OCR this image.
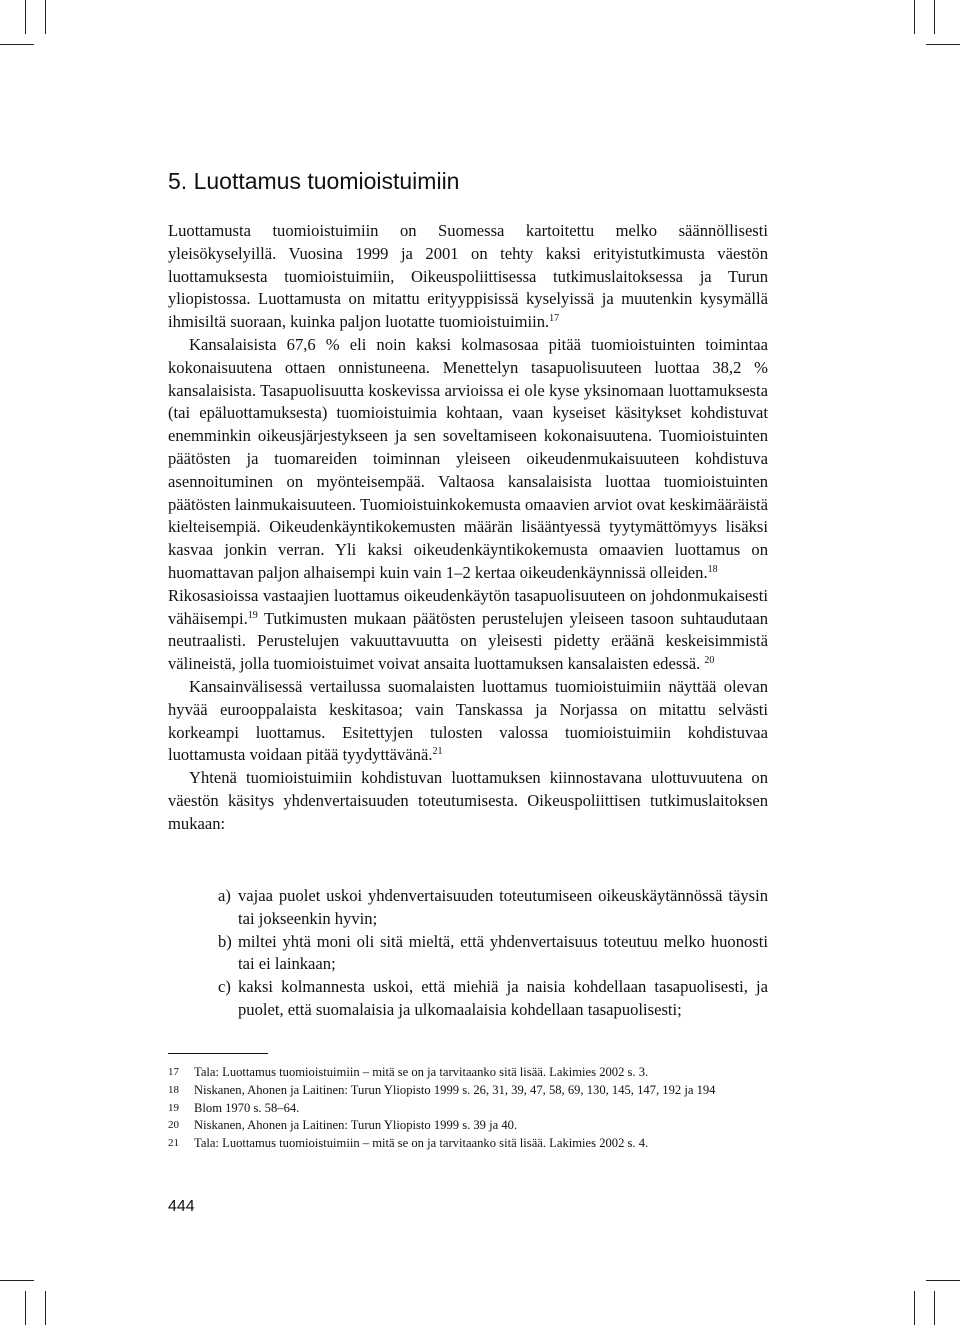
5. Luottamus tuomioistuimiin

Luottamusta tuomioistuimiin on Suomessa kartoitettu melko säännöllisesti yleisökyselyillä. Vuosina 1999 ja 2001 on tehty kaksi erityistutkimusta väestön luottamuksesta tuomioistuimiin, Oikeuspoliittisessa tutkimuslaitoksessa ja Turun yliopistossa. Luottamusta on mitattu erityyppisissä kyselyissä ja muutenkin kysymällä ihmisiltä suoraan, kuinka paljon luotatte tuomioistuimiin.$^{17}$

Kansalaisista 67,6 % eli noin kaksi kolmasosaa pitää tuomioistuinten toimintaa kokonaisuutena ottaen onnistuneena. Menettelyn tasapuolisuuteen luottaa 38,2 % kansalaisista. Tasapuolisuutta koskevissa arvioissa ei ole kyse yksinomaan luottamuksesta (tai epäluottamuksesta) tuomioistuimia kohtaan, vaan kyseiset käsitykset kohdistuvat enemminkin oikeusjärjestykseen ja sen soveltamiseen kokonaisuutena. Tuomioistuinten päätösten ja tuomareiden toiminnan yleiseen oikeudenmukaisuuteen kohdistuva asennoituminen on myönteisempää. Valtaosa kansalaisista luottaa tuomioistuinten päätösten lainmukaisuuteen. Tuomioistuinkokemusta omaavien arviot ovat keskimääräistä kielteisempiä. Oikeudenkäyntikokemusten määrän lisääntyessä tyytymättömyys lisäksi kasvaa jonkin verran. Yli kaksi oikeudenkäyntikokemusta omaavien luottamus on huomattavan paljon alhaisempi kuin vain 1–2 kertaa oikeudenkäynnissä olleiden.$^{18}$
Rikosasioissa vastaajien luottamus oikeudenkäytön tasapuolisuuteen on johdonmukaisesti vähäisempi.$^{19}$ Tutkimusten mukaan päätösten perustelujen yleiseen tasoon suhtaudutaan neutraalisti. Perustelujen vakuuttavuutta on yleisesti pidetty eräänä keskeisimmistä välineistä, jolla tuomioistuimet voivat ansaita luottamuksen kansalaisten edessä. $^{20}$

Kansainvälisessä vertailussa suomalaisten luottamus tuomioistuimiin näyttää olevan hyvää eurooppalaista keskitasoa; vain Tanskassa ja Norjassa on mitattu selvästi korkeampi luottamus. Esitettyjen tulosten valossa tuomioistuimiin kohdistuvaa luottamusta voidaan pitää tyydyttävänä.$^{21}$

Yhtenä tuomioistuimiin kohdistuvan luottamuksen kiinnostavana ulottuvuutena on väestön käsitys yhdenvertaisuuden toteutumisesta. Oikeuspoliittisen tutkimuslaitoksen mukaan:

a) vajaa puolet uskoi yhdenvertaisuuden toteutumiseen oikeuskäytännössä täysin tai jokseenkin hyvin;
b) miltei yhtä moni oli sitä mieltä, että yhdenvertaisuus toteutuu melko huonosti tai ei lainkaan;
c) kaksi kolmannesta uskoi, että miehiä ja naisia kohdellaan tasapuolisesti, ja puolet, että suomalaisia ja ulkomaalaisia kohdellaan tasapuolisesti;
17	Tala: Luottamus tuomioistuimiin – mitä se on ja tarvitaanko sitä lisää. Lakimies 2002 s. 3.
18	Niskanen, Ahonen ja Laitinen: Turun Yliopisto 1999 s. 26, 31, 39, 47, 58, 69, 130, 145, 147, 192 ja 194
19	Blom 1970 s. 58–64.
20	Niskanen, Ahonen ja Laitinen: Turun Yliopisto 1999 s. 39 ja 40.
21	Tala: Luottamus tuomioistuimiin – mitä se on ja tarvitaanko sitä lisää. Lakimies 2002 s. 4.
444
